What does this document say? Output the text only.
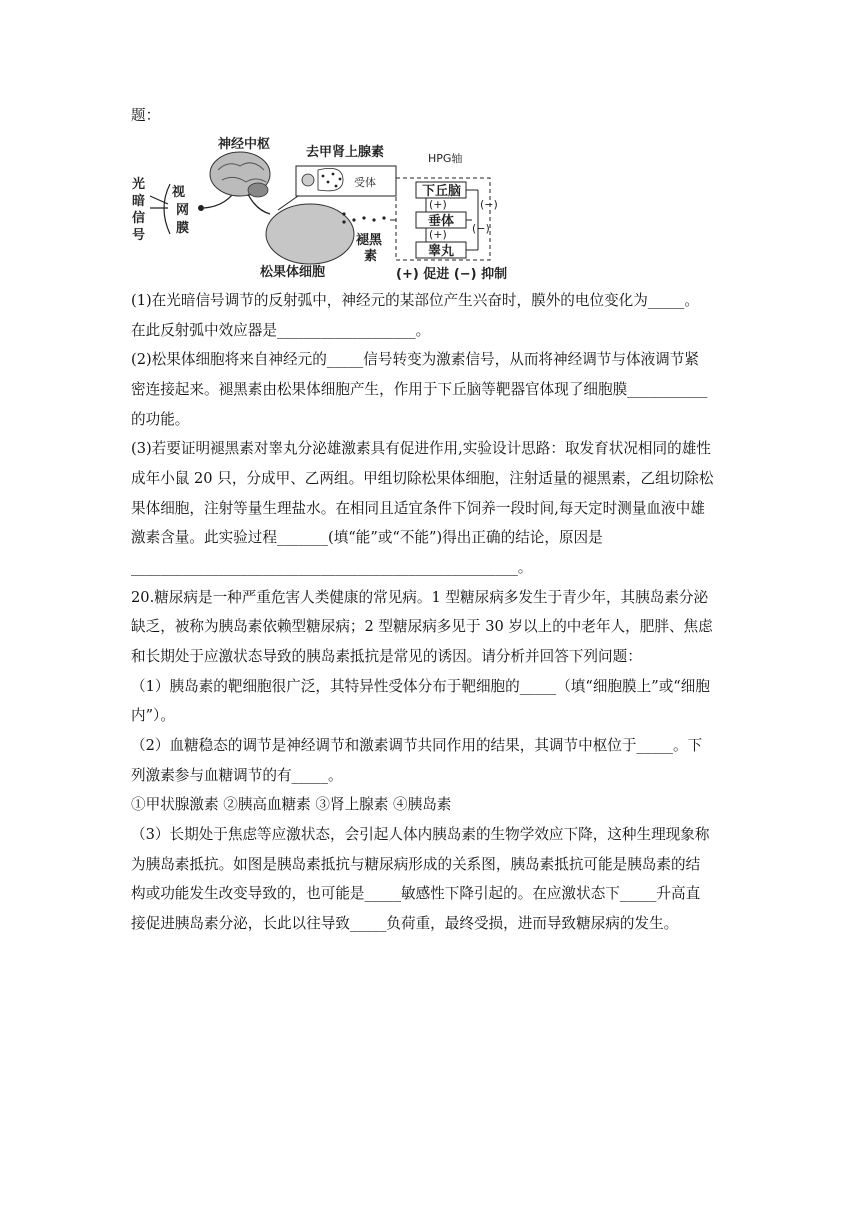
题：
光
暗
信
号
视
网
膜
神经中枢
去甲肾上腺素
受体
松果体细胞
褪黑
素
HPG轴
下丘脑
垂体
睾丸
(+)
(+)
(−)
(−)
(+) 促进 (−) 抑制
(1)在光暗信号调节的反射弧中，神经元的某部位产生兴奋时，膜外的电位变化为_____。
在此反射弧中效应器是___________________。
(2)松果体细胞将来自神经元的_____信号转变为激素信号，从而将神经调节与体液调节紧
密连接起来。褪黑素由松果体细胞产生，作用于下丘脑等靶器官体现了细胞膜___________
的功能。
(3)若要证明褪黑素对睾丸分泌雄激素具有促进作用,实验设计思路：取发育状况相同的雄性
成年小鼠 20 只，分成甲、乙两组。甲组切除松果体细胞，注射适量的褪黑素，乙组切除松
果体细胞，注射等量生理盐水。在相同且适宜条件下饲养一段时间,每天定时测量血液中雄
激素含量。此实验过程_______(填“能”或“不能”)得出正确的结论，原因是
_____________________________________________________。
20.糖尿病是一种严重危害人类健康的常见病。1 型糖尿病多发生于青少年，其胰岛素分泌
缺乏，被称为胰岛素依赖型糖尿病；2 型糖尿病多见于 30 岁以上的中老年人，肥胖、焦虑
和长期处于应激状态导致的胰岛素抵抗是常见的诱因。请分析并回答下列问题：
（1）胰岛素的靶细胞很广泛，其特异性受体分布于靶细胞的_____（填“细胞膜上”或“细胞
内”）。
（2）血糖稳态的调节是神经调节和激素调节共同作用的结果，其调节中枢位于_____。下
列激素参与血糖调节的有_____。
①甲状腺激素 ②胰高血糖素 ③肾上腺素 ④胰岛素
（3）长期处于焦虑等应激状态，会引起人体内胰岛素的生物学效应下降，这种生理现象称
为胰岛素抵抗。如图是胰岛素抵抗与糖尿病形成的关系图，胰岛素抵抗可能是胰岛素的结
构或功能发生改变导致的，也可能是_____敏感性下降引起的。在应激状态下_____升高直
接促进胰岛素分泌，长此以往导致_____负荷重，最终受损，进而导致糖尿病的发生。
